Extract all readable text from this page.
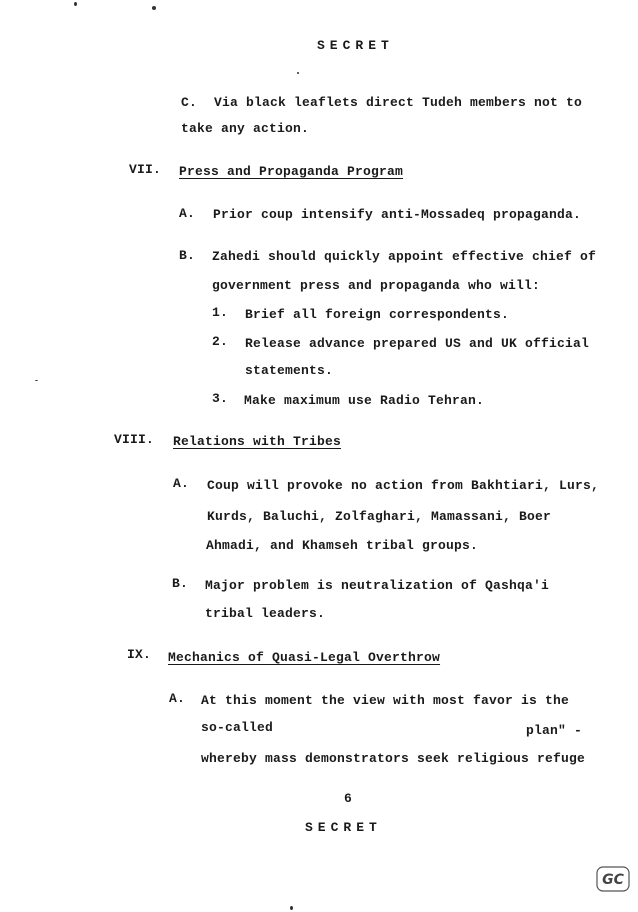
SECRET
C. Via black leaflets direct Tudeh members not to
take any action.
VII. Press and Propaganda Program
A. Prior coup intensify anti-Mossadeq propaganda.
B. Zahedi should quickly appoint effective chief of
government press and propaganda who will:
1. Brief all foreign correspondents.
2. Release advance prepared US and UK official
statements.
3. Make maximum use Radio Tehran.
VIII. Relations with Tribes
A. Coup will provoke no action from Bakhtiari, Lurs,
Kurds, Baluchi, Zolfaghari, Mamassani, Boer
Ahmadi, and Khamseh tribal groups.
B. Major problem is neutralization of Qashqa'i
tribal leaders.
IX. Mechanics of Quasi-Legal Overthrow
A. At this moment the view with most favor is the
so-called	plan" -
whereby mass demonstrators seek religious refuge
6
SECRET
GC
